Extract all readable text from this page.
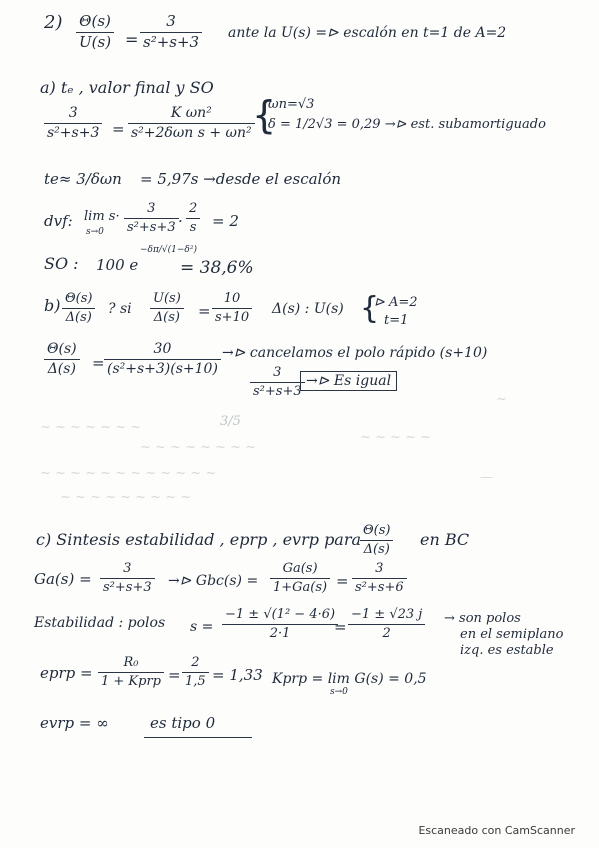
2) Θ(s)
U(s) =
3
s²+s+3 ante la U(s) =⊳ escalón en t=1 de A=2
a) tₑ , valor final y SO
3
s²+s+3 =
K ωn²
s²+2δωn s + ωn² {
ωn=√3
δ = 1/2√3 = 0,29 →⊳ est. subamortiguado
te≈ 3/δωn = 5,97s →desde el escalón
dvf: lim s·
s→0
3
s²+s+3 ·
2
s = 2
SO : 100 e
−δπ/√(1−δ²)
= 38,6%
b) Θ(s)
Δ(s)
? si
U(s)
Δ(s) =
10
s+10
Δ(s) : U(s) {
⊳ A=2
t=1
Θ(s)
Δ(s) =
30
(s²+s+3)(s+10)
→⊳ cancelamos el polo rápido (s+10)
3
s²+s+3
→⊳ Es igual
~ ~ ~ ~ ~ ~ ~
~ ~ ~ ~ ~ ~ ~ ~
~ ~ ~ ~ ~ ~ ~ ~ ~ ~ ~ ~
~ ~ ~ ~ ~
~ ~ ~ ~ ~ ~ ~ ~ ~
3/5
—
~
c) Sintesis estabilidad , eprp , evrp para Θ(s)
Δ(s)
en BC
Ga(s) =
3
s²+s+3 →⊳ Gbc(s) =
Ga(s)
1+Ga(s) =
3
s²+s+6
Estabilidad : polos s =
−1 ± √(1² − 4·6)
2·1	=
−1 ± √23 j
2
→ son polos
en el semiplano
izq. es estable
eprp =
R₀
1 + Kprp =
2
1,5 = 1,33 Kprp = lim G(s) = 0,5
s→0
evrp = ∞	es tipo 0
Escaneado con CamScanner
